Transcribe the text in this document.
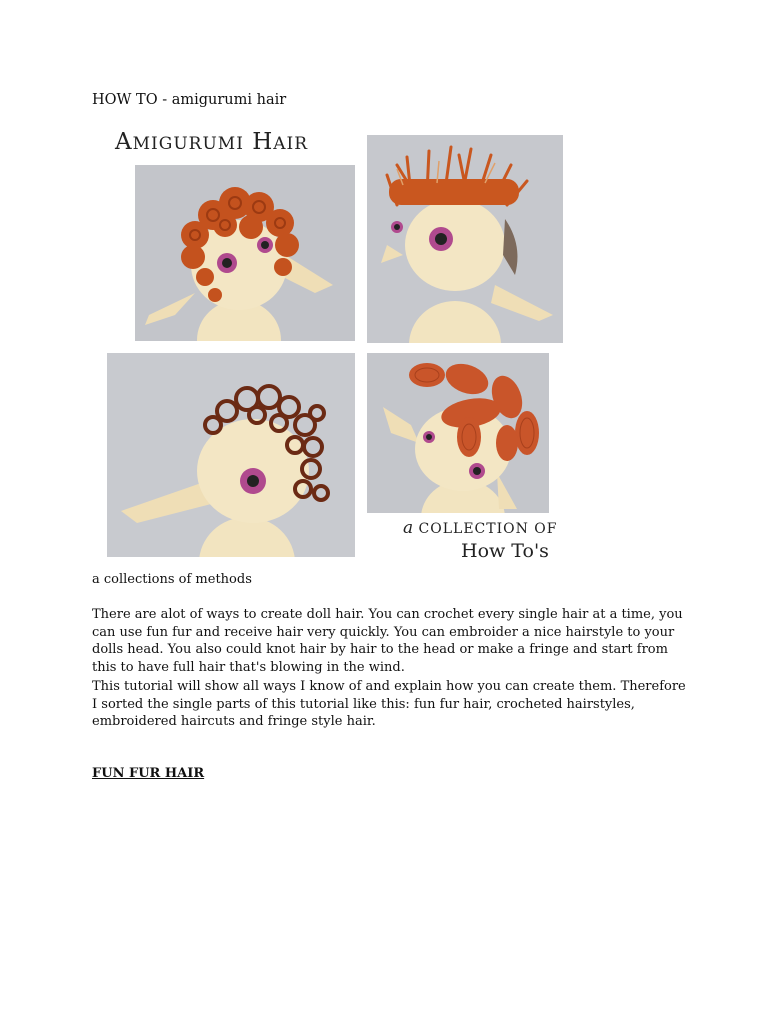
HOW TO - amigurumi hair
AMIGURUMI HAIR
a COLLECTION OF
How To's
a collections of methods
There are alot of ways to create doll hair. You can crochet every single hair at a time, you can use fun fur and receive hair very quickly. You can embroider a nice hairstyle to your dolls head. You also could knot hair by hair to the head or make a fringe and start from this to have full hair that's blowing in the wind.
This tutorial will show all ways I know of and explain how you can create them. Therefore I sorted the single parts of this tutorial like this: fun fur hair, crocheted hairstyles, embroidered haircuts and fringe style hair.
FUN FUR HAIR
